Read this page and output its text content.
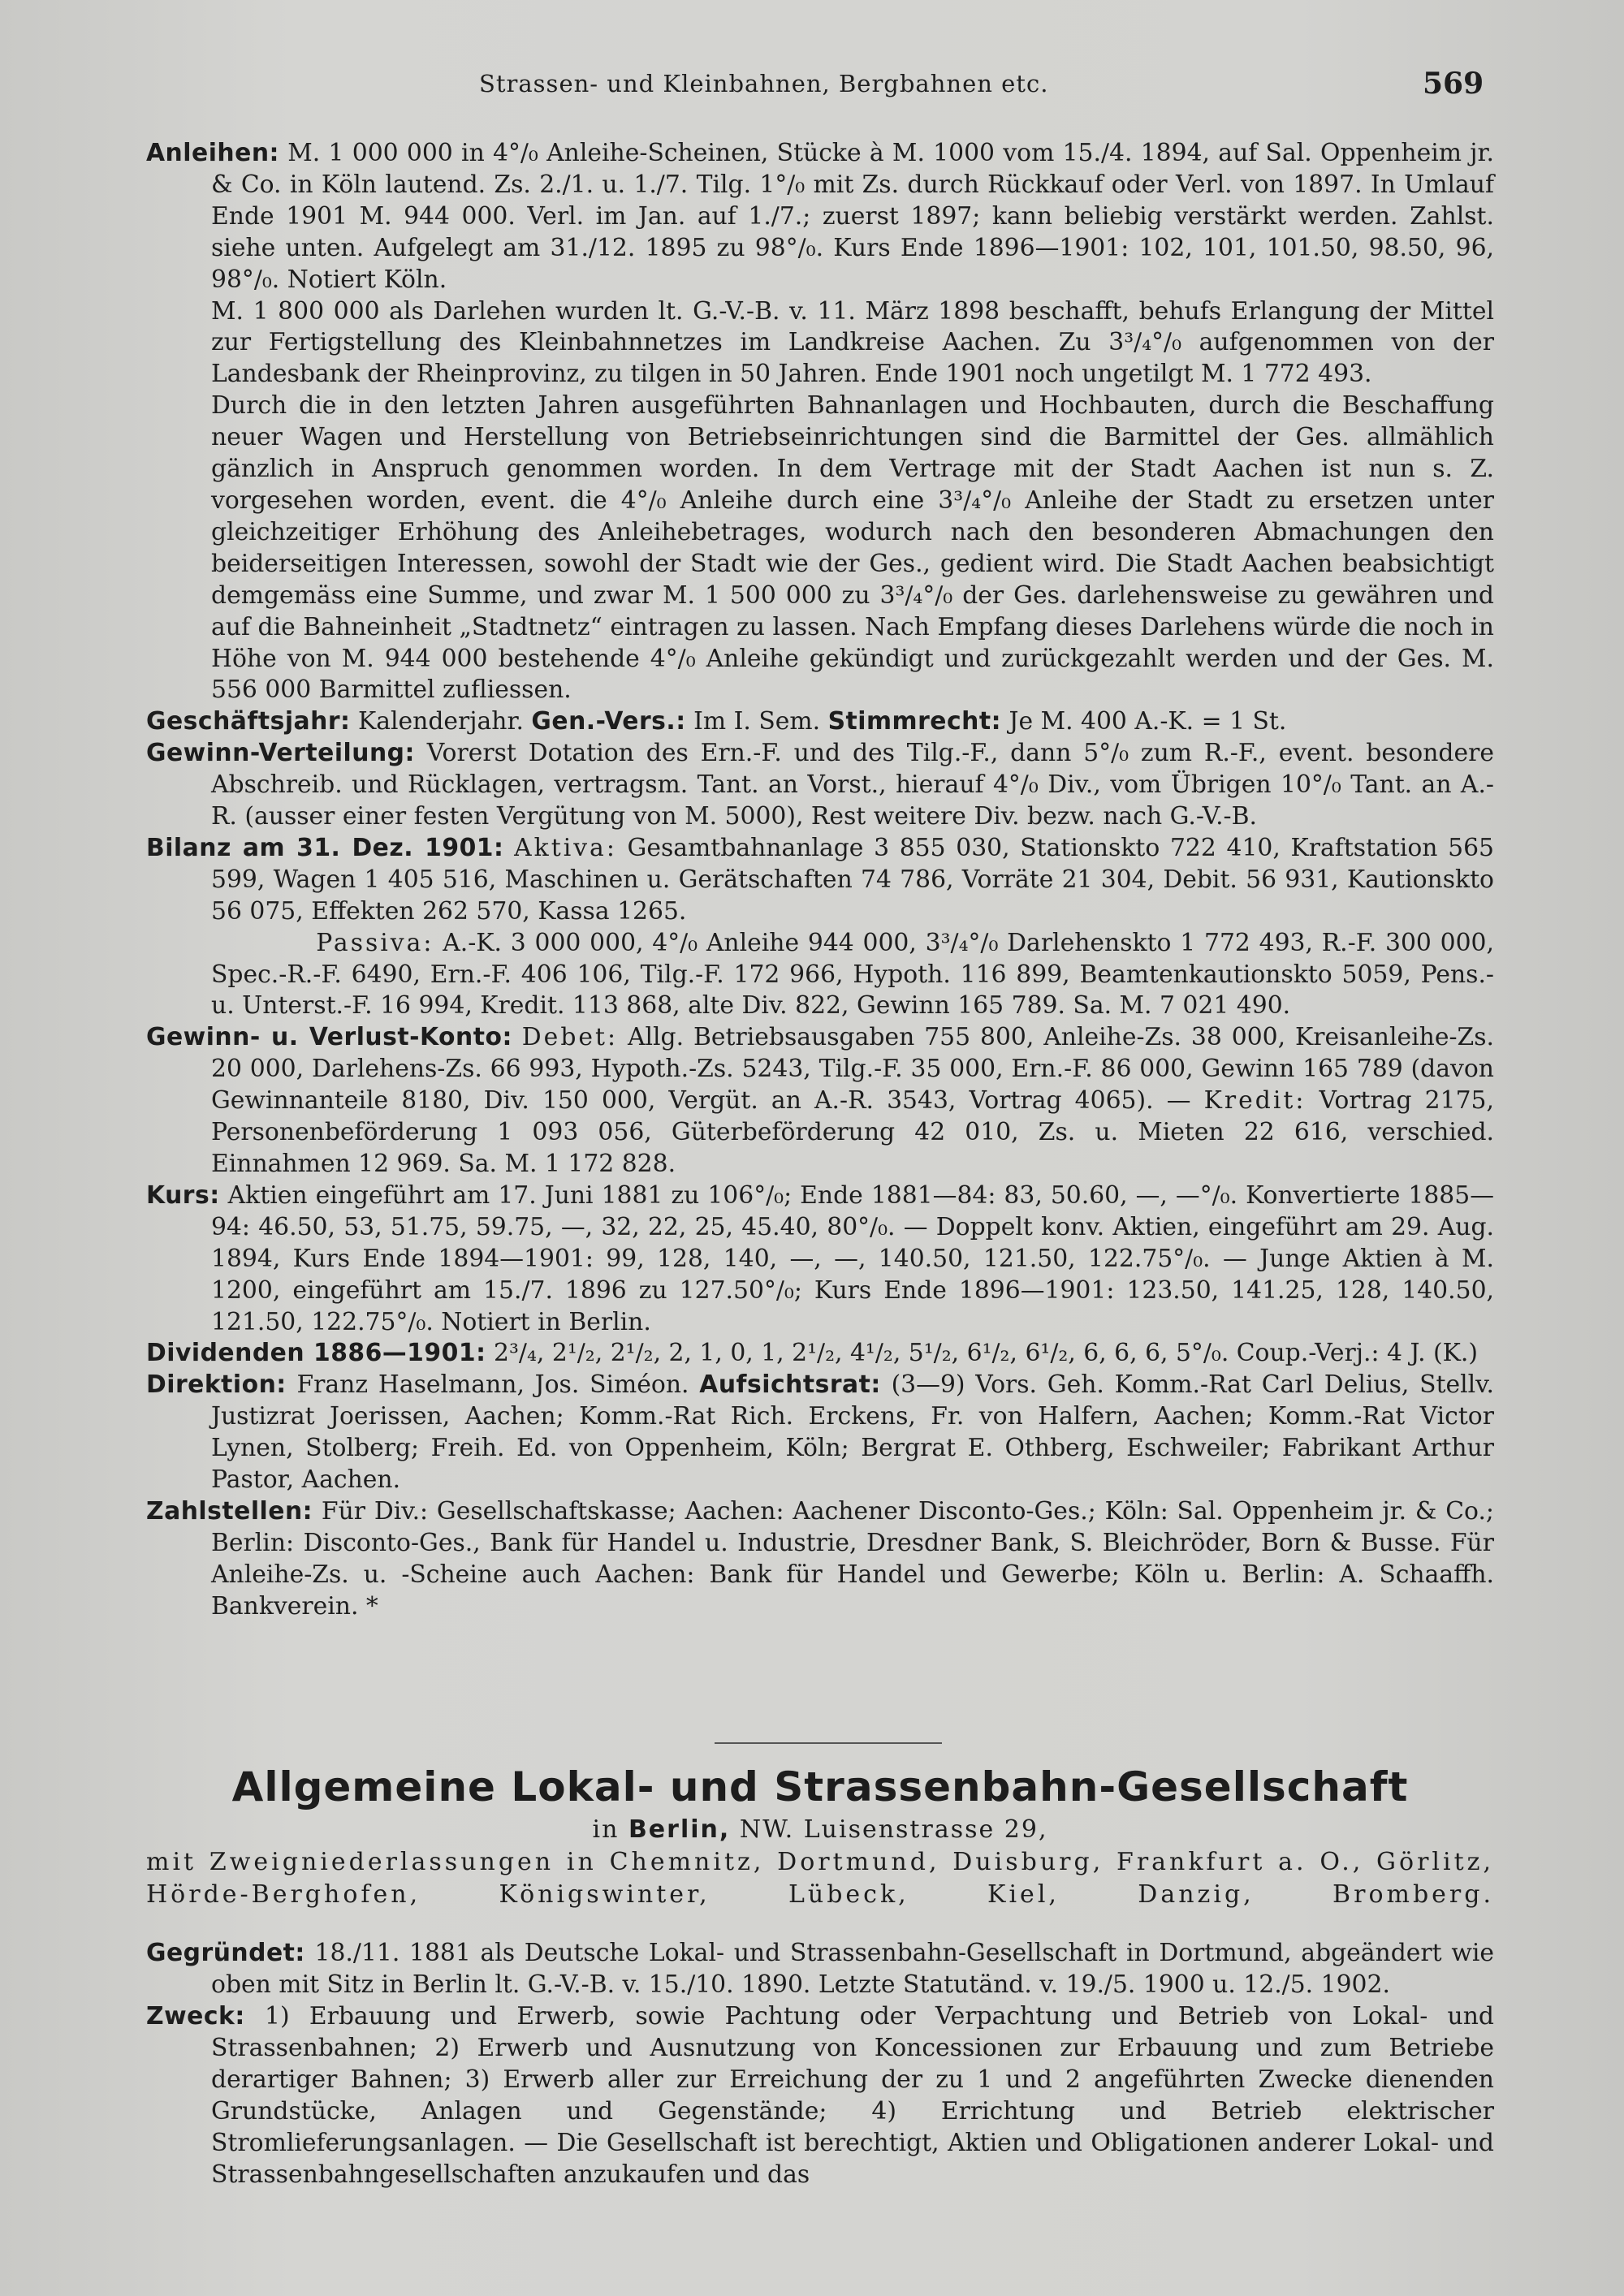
Strassen- und Kleinbahnen, Bergbahnen etc.	569

Anleihen: M. 1 000 000 in 4°/₀ Anleihe-Scheinen, Stücke à M. 1000 vom 15./4. 1894, auf Sal. Oppenheim jr. & Co. in Köln lautend. Zs. 2./1. u. 1./7. Tilg. 1°/₀ mit Zs. durch Rückkauf oder Verl. von 1897. In Umlauf Ende 1901 M. 944 000. Verl. im Jan. auf 1./7.; zuerst 1897; kann beliebig verstärkt werden. Zahlst. siehe unten. Aufgelegt am 31./12. 1895 zu 98°/₀. Kurs Ende 1896—1901: 102, 101, 101.50, 98.50, 96, 98°/₀. Notiert Köln.

M. 1 800 000 als Darlehen wurden lt. G.-V.-B. v. 11. März 1898 beschafft, behufs Erlangung der Mittel zur Fertigstellung des Kleinbahnnetzes im Landkreise Aachen. Zu 3³/₄°/₀ aufgenommen von der Landesbank der Rheinprovinz, zu tilgen in 50 Jahren. Ende 1901 noch ungetilgt M. 1 772 493.

Durch die in den letzten Jahren ausgeführten Bahnanlagen und Hochbauten, durch die Beschaffung neuer Wagen und Herstellung von Betriebseinrichtungen sind die Barmittel der Ges. allmählich gänzlich in Anspruch genommen worden. In dem Vertrage mit der Stadt Aachen ist nun s. Z. vorgesehen worden, event. die 4°/₀ Anleihe durch eine 3³/₄°/₀ Anleihe der Stadt zu ersetzen unter gleichzeitiger Erhöhung des Anleihebetrages, wodurch nach den besonderen Abmachungen den beiderseitigen Interessen, sowohl der Stadt wie der Ges., gedient wird. Die Stadt Aachen beabsichtigt demgemäss eine Summe, und zwar M. 1 500 000 zu 3³/₄°/₀ der Ges. darlehensweise zu gewähren und auf die Bahneinheit „Stadtnetz“ eintragen zu lassen. Nach Empfang dieses Darlehens würde die noch in Höhe von M. 944 000 bestehende 4°/₀ Anleihe gekündigt und zurückgezahlt werden und der Ges. M. 556 000 Barmittel zufliessen.

Geschäftsjahr: Kalenderjahr. Gen.-Vers.: Im I. Sem. Stimmrecht: Je M. 400 A.-K. = 1 St.

Gewinn-Verteilung: Vorerst Dotation des Ern.-F. und des Tilg.-F., dann 5°/₀ zum R.-F., event. besondere Abschreib. und Rücklagen, vertragsm. Tant. an Vorst., hierauf 4°/₀ Div., vom Übrigen 10°/₀ Tant. an A.-R. (ausser einer festen Vergütung von M. 5000), Rest weitere Div. bezw. nach G.-V.-B.

Bilanz am 31. Dez. 1901: Aktiva: Gesamtbahnanlage 3 855 030, Stationskto 722 410, Kraftstation 565 599, Wagen 1 405 516, Maschinen u. Gerätschaften 74 786, Vorräte 21 304, Debit. 56 931, Kautionskto 56 075, Effekten 262 570, Kassa 1265.

Passiva: A.-K. 3 000 000, 4°/₀ Anleihe 944 000, 3³/₄°/₀ Darlehenskto 1 772 493, R.-F. 300 000, Spec.-R.-F. 6490, Ern.-F. 406 106, Tilg.-F. 172 966, Hypoth. 116 899, Beamtenkautionskto 5059, Pens.- u. Unterst.-F. 16 994, Kredit. 113 868, alte Div. 822, Gewinn 165 789. Sa. M. 7 021 490.

Gewinn- u. Verlust-Konto: Debet: Allg. Betriebsausgaben 755 800, Anleihe-Zs. 38 000, Kreisanleihe-Zs. 20 000, Darlehens-Zs. 66 993, Hypoth.-Zs. 5243, Tilg.-F. 35 000, Ern.-F. 86 000, Gewinn 165 789 (davon Gewinnanteile 8180, Div. 150 000, Vergüt. an A.-R. 3543, Vortrag 4065). — Kredit: Vortrag 2175, Personenbeförderung 1 093 056, Güterbeförderung 42 010, Zs. u. Mieten 22 616, verschied. Einnahmen 12 969. Sa. M. 1 172 828.

Kurs: Aktien eingeführt am 17. Juni 1881 zu 106°/₀; Ende 1881—84: 83, 50.60, —, —°/₀. Konvertierte 1885—94: 46.50, 53, 51.75, 59.75, —, 32, 22, 25, 45.40, 80°/₀. — Doppelt konv. Aktien, eingeführt am 29. Aug. 1894, Kurs Ende 1894—1901: 99, 128, 140, —, —, 140.50, 121.50, 122.75°/₀. — Junge Aktien à M. 1200, eingeführt am 15./7. 1896 zu 127.50°/₀; Kurs Ende 1896—1901: 123.50, 141.25, 128, 140.50, 121.50, 122.75°/₀. Notiert in Berlin.

Dividenden 1886—1901: 2³/₄, 2¹/₂, 2¹/₂, 2, 1, 0, 1, 2¹/₂, 4¹/₂, 5¹/₂, 6¹/₂, 6¹/₂, 6, 6, 6, 5°/₀. Coup.-Verj.: 4 J. (K.)

Direktion: Franz Haselmann, Jos. Siméon. Aufsichtsrat: (3—9) Vors. Geh. Komm.-Rat Carl Delius, Stellv. Justizrat Joerissen, Aachen; Komm.-Rat Rich. Erckens, Fr. von Halfern, Aachen; Komm.-Rat Victor Lynen, Stolberg; Freih. Ed. von Oppenheim, Köln; Bergrat E. Othberg, Eschweiler; Fabrikant Arthur Pastor, Aachen.

Zahlstellen: Für Div.: Gesellschaftskasse; Aachen: Aachener Disconto-Ges.; Köln: Sal. Oppenheim jr. & Co.; Berlin: Disconto-Ges., Bank für Handel u. Industrie, Dresdner Bank, S. Bleichröder, Born & Busse. Für Anleihe-Zs. u. -Scheine auch Aachen: Bank für Handel und Gewerbe; Köln u. Berlin: A. Schaaffh. Bankverein. *

Allgemeine Lokal- und Strassenbahn-Gesellschaft
in Berlin, NW. Luisenstrasse 29,
mit Zweigniederlassungen in Chemnitz, Dortmund, Duisburg, Frankfurt a. O., Görlitz, Hörde-Berghofen, Königswinter, Lübeck, Kiel, Danzig, Bromberg.

Gegründet: 18./11. 1881 als Deutsche Lokal- und Strassenbahn-Gesellschaft in Dortmund, abgeändert wie oben mit Sitz in Berlin lt. G.-V.-B. v. 15./10. 1890. Letzte Statutänd. v. 19./5. 1900 u. 12./5. 1902.

Zweck: 1) Erbauung und Erwerb, sowie Pachtung oder Verpachtung und Betrieb von Lokal- und Strassenbahnen; 2) Erwerb und Ausnutzung von Koncessionen zur Erbauung und zum Betriebe derartiger Bahnen; 3) Erwerb aller zur Erreichung der zu 1 und 2 angeführten Zwecke dienenden Grundstücke, Anlagen und Gegenstände; 4) Errichtung und Betrieb elektrischer Stromlieferungsanlagen. — Die Gesellschaft ist berechtigt, Aktien und Obligationen anderer Lokal- und Strassenbahngesellschaften anzukaufen und das
